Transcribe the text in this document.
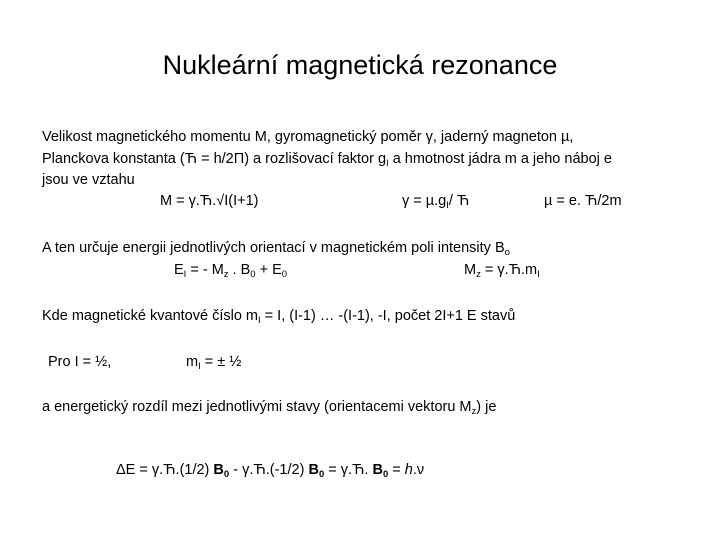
Nukleární magnetická rezonance
Velikost magnetického momentu M, gyromagnetický poměr γ, jaderný magneton µ,
Planckova konstanta (Ћ = h/2Π) a rozlišovací faktor $g_I$ a hmotnost jádra m a jeho náboj e
jsou ve vztahu
M = γ.Ћ.√I(I+1)	$\gamma = \mu.g_I/$ Ћ	µ = e. Ћ/2m
A ten určuje energii jednotlivých orientací v magnetickém poli intensity $B_o$
$E_I$ = - $M_z$ . $B_0 + E_0$	$M_z = \gamma.Ћ.m_I$
Kde magnetické kvantové číslo $m_I = I$, (I-1) … -(I-1), -I, počet 2I+1 E stavů
Pro I = ½,	$m_I$ = ± ½
a energetický rozdíl mezi jednotlivými stavy (orientacemi vektoru $M_z$) je
ΔE = γ.Ћ.(1/2) $B_0 - \gamma.Ћ.(-1/2) B_0 = \gamma.Ћ$. $B_0 = h.\nu$
